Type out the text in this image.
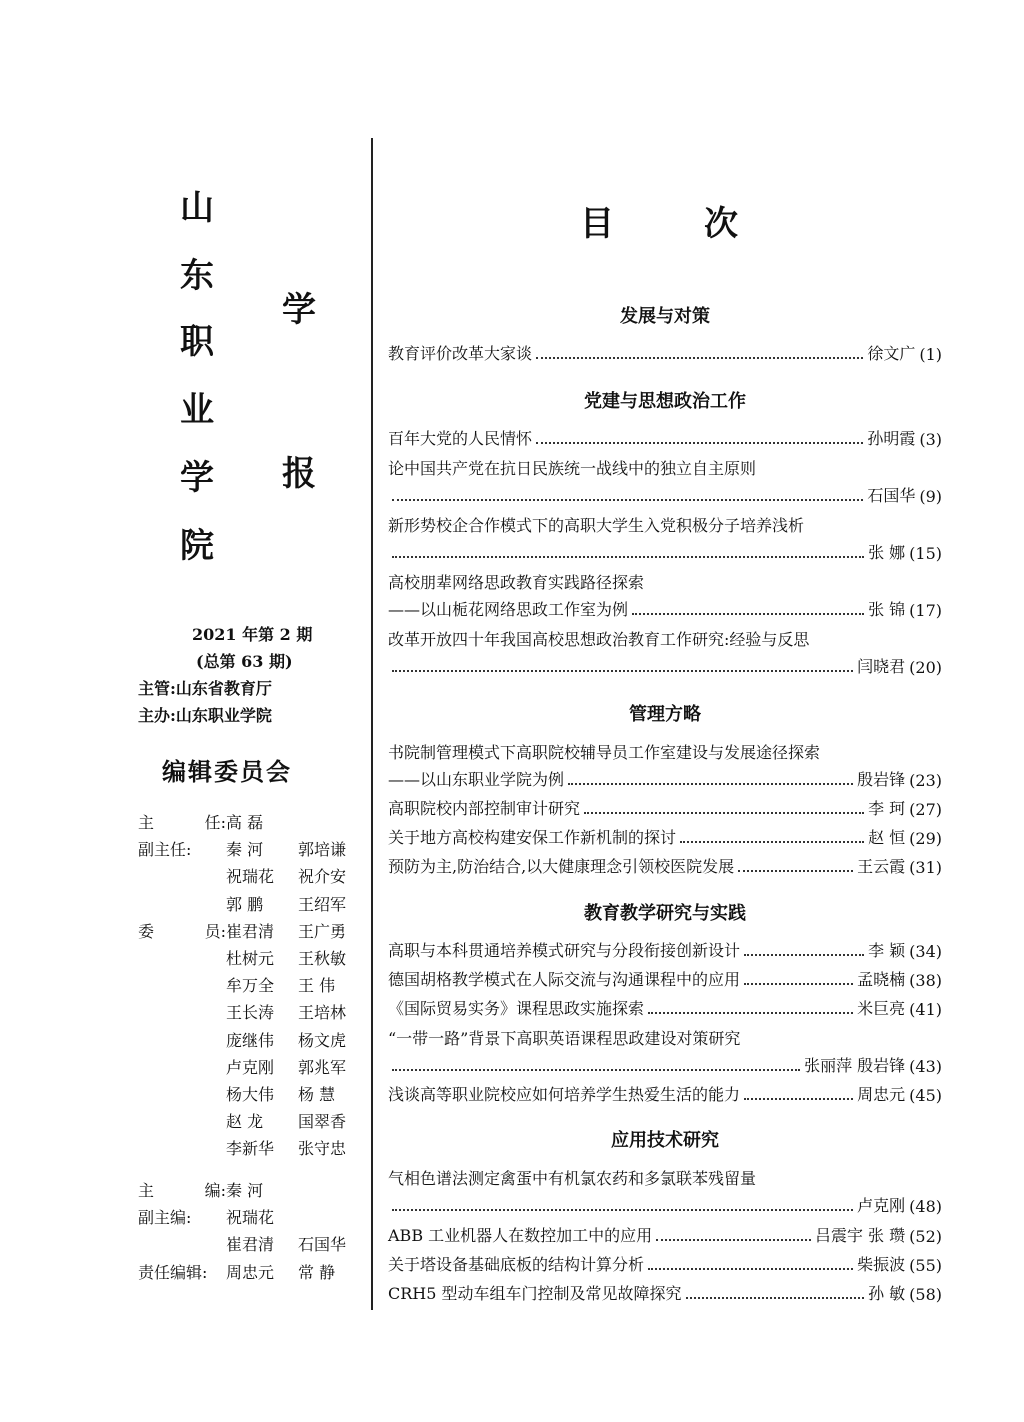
山
东
职
业
学
院
学
报
2021 年第 2 期
(总第 63 期)
主管:山东省教育厅
主办:山东职业学院
编辑委员会
主	任: 高 磊
副主任: 秦 河	郭培谦
祝瑞花	祝介安
郭 鹏	王绍军
委	员: 崔君清	王广勇
杜树元	王秋敏
牟万全	王 伟
王长涛	王培林
庞继伟	杨文虎
卢克刚	郭兆军
杨大伟	杨 慧
赵 龙	国翠香
李新华	张守忠
主	编: 秦 河
副主编: 祝瑞花
崔君清	石国华
责任编辑: 周忠元	常 静
目	次
发展与对策
党建与思想政治工作
管理方略
教育教学研究与实践
应用技术研究
教育评价改革大家谈	徐文广 (1)
百年大党的人民情怀	孙明霞 (3)
论中国共产党在抗日民族统一战线中的独立自主原则
石国华 (9)
新形势校企合作模式下的高职大学生入党积极分子培养浅析
张 娜 (15)
高校朋辈网络思政教育实践路径探索
——以山栀花网络思政工作室为例	张 锦 (17)
改革开放四十年我国高校思想政治教育工作研究:经验与反思
闫晓君 (20)
书院制管理模式下高职院校辅导员工作室建设与发展途径探索
——以山东职业学院为例	殷岩锋 (23)
高职院校内部控制审计研究	李 珂 (27)
关于地方高校构建安保工作新机制的探讨	赵 恒 (29)
预防为主,防治结合,以大健康理念引领校医院发展	王云霞 (31)
高职与本科贯通培养模式研究与分段衔接创新设计	李 颖 (34)
德国胡格教学模式在人际交流与沟通课程中的应用	孟晓楠 (38)
《国际贸易实务》课程思政实施探索	米巨亮 (41)
“一带一路”背景下高职英语课程思政建设对策研究
张丽萍 殷岩锋 (43)
浅谈高等职业院校应如何培养学生热爱生活的能力	周忠元 (45)
气相色谱法测定禽蛋中有机氯农药和多氯联苯残留量
卢克刚 (48)
ABB 工业机器人在数控加工中的应用	吕震宇 张 瓒 (52)
关于塔设备基础底板的结构计算分析	柴振波 (55)
CRH5 型动车组车门控制及常见故障探究	孙 敏 (58)
